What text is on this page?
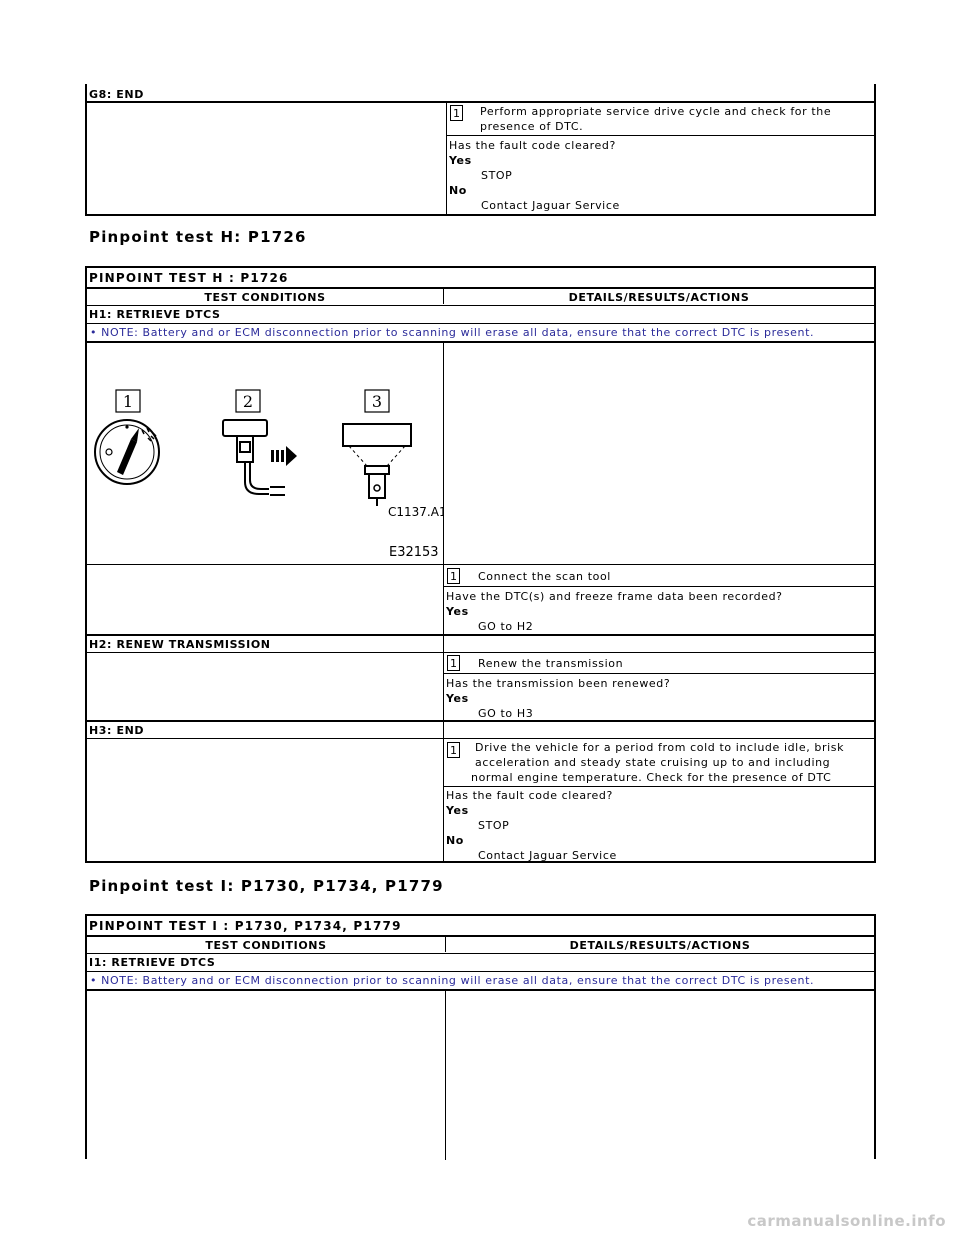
G8: END
1 Perform appropriate service drive cycle and check for the presence of DTC.
Has the fault code cleared?
Yes
STOP
No
Contact Jaguar Service
Pinpoint test H: P1726
PINPOINT TEST H : P1726
TEST CONDITIONS	DETAILS/RESULTS/ACTIONS
H1: RETRIEVE DTCS
• NOTE: Battery and or ECM disconnection prior to scanning will erase all data, ensure that the correct DTC is present.
1	2	3
C1137.A1
E32153
1 Connect the scan tool
Have the DTC(s) and freeze frame data been recorded?
Yes
GO to H2
H2: RENEW TRANSMISSION
1 Renew the transmission
Has the transmission been renewed?
Yes
GO to H3
H3: END
1 Drive the vehicle for a period from cold to include idle, brisk
acceleration and steady state cruising up to and including
normal engine temperature. Check for the presence of DTC
Has the fault code cleared?
Yes
STOP
No
Contact Jaguar Service
Pinpoint test I: P1730, P1734, P1779
PINPOINT TEST I : P1730, P1734, P1779
TEST CONDITIONS	DETAILS/RESULTS/ACTIONS
I1: RETRIEVE DTCS
• NOTE: Battery and or ECM disconnection prior to scanning will erase all data, ensure that the correct DTC is present.
carmanualsonline.info
